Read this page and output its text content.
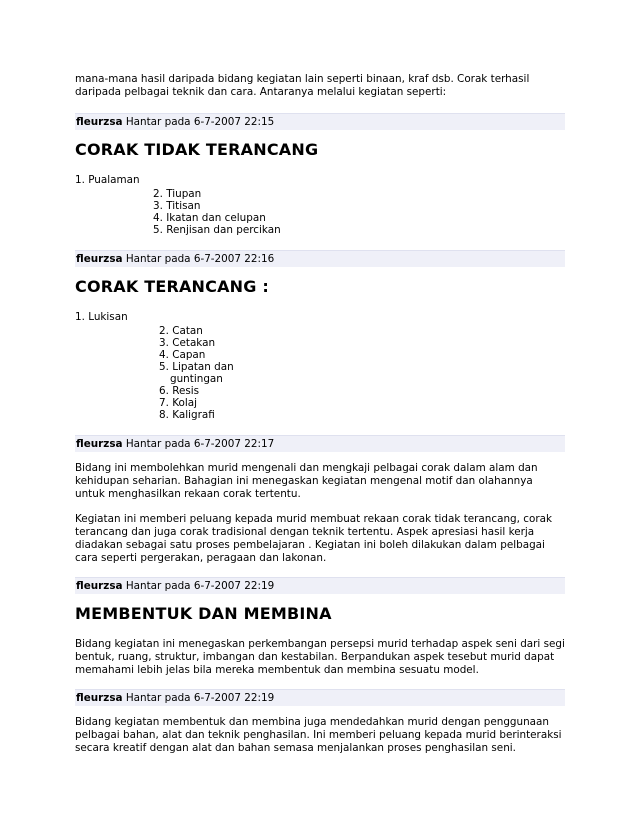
mana-mana hasil daripada bidang kegiatan lain seperti binaan, kraf dsb. Corak terhasil daripada pelbagai teknik dan cara. Antaranya melalui kegiatan seperti:

fleurzsa Hantar pada 6-7-2007 22:15
CORAK TIDAK TERANCANG
1. Pualaman
2. Tiupan
3. Titisan
4. Ikatan dan celupan
5. Renjisan dan percikan
fleurzsa Hantar pada 6-7-2007 22:16
CORAK TERANCANG :
1. Lukisan
2. Catan
3. Cetakan
4. Capan
5. Lipatan dan
guntingan
6. Resis
7. Kolaj
8. Kaligrafi
fleurzsa Hantar pada 6-7-2007 22:17

Bidang ini membolehkan murid mengenali dan mengkaji pelbagai corak dalam alam dan kehidupan seharian. Bahagian ini menegaskan kegiatan mengenal motif dan olahannya untuk menghasilkan rekaan corak tertentu.

Kegiatan ini memberi peluang kepada murid membuat rekaan corak tidak terancang, corak terancang dan juga corak tradisional dengan teknik tertentu. Aspek apresiasi hasil kerja diadakan sebagai satu proses pembelajaran . Kegiatan ini boleh dilakukan dalam pelbagai cara seperti pergerakan, peragaan dan lakonan.

fleurzsa Hantar pada 6-7-2007 22:19
MEMBENTUK DAN MEMBINA

Bidang kegiatan ini menegaskan perkembangan persepsi murid terhadap aspek seni dari segi bentuk, ruang, struktur, imbangan dan kestabilan. Berpandukan aspek tesebut murid dapat memahami lebih jelas bila mereka membentuk dan membina sesuatu model.

fleurzsa Hantar pada 6-7-2007 22:19

Bidang kegiatan membentuk dan membina juga mendedahkan murid dengan penggunaan pelbagai bahan, alat dan teknik penghasilan. Ini memberi peluang kepada murid berinteraksi secara kreatif dengan alat dan bahan semasa menjalankan proses penghasilan seni.
